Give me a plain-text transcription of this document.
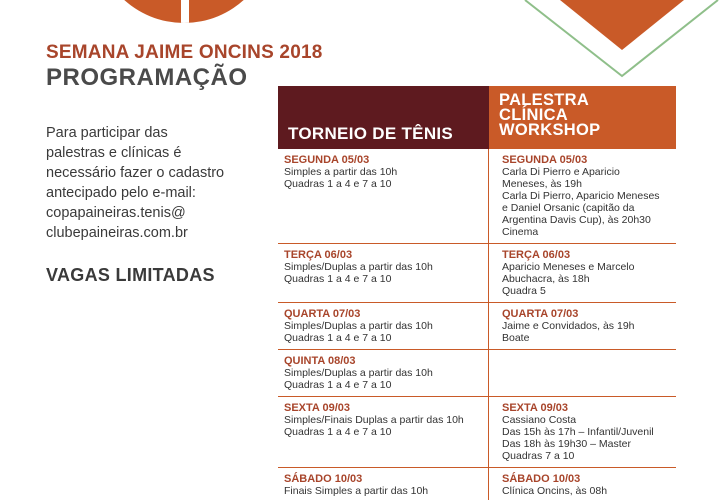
SEMANA JAIME ONCINS 2018
PROGRAMAÇÃO
Para participar das
palestras e clínicas é
necessário fazer o cadastro
antecipado pelo e-mail:
copapaineiras.tenis@
clubepaineiras.com.br
VAGAS LIMITADAS
TORNEIO DE TÊNIS
PALESTRA
CLÍNICA
WORKSHOP
SEGUNDA 05/03
Simples a partir das 10h
Quadras 1 a 4 e 7 a 10
SEGUNDA 05/03
Carla Di Pierro e Aparicio
Meneses, às 19h
Carla Di Pierro, Aparicio Meneses
e Daniel Orsanic (capitão da
Argentina Davis Cup), às 20h30
Cinema
TERÇA 06/03
Simples/Duplas a partir das 10h
Quadras 1 a 4 e 7 a 10
TERÇA 06/03
Aparicio Meneses e Marcelo
Abuchacra, às 18h
Quadra 5
QUARTA 07/03
Simples/Duplas a partir das 10h
Quadras 1 a 4 e 7 a 10
QUARTA 07/03
Jaime e Convidados, às 19h
Boate
QUINTA 08/03
Simples/Duplas a partir das 10h
Quadras 1 a 4 e 7 a 10
SEXTA 09/03
Simples/Finais Duplas a partir das 10h
Quadras 1 a 4 e 7 a 10
SEXTA 09/03
Cassiano Costa
Das 15h às 17h – Infantil/Juvenil
Das 18h às 19h30 – Master
Quadras 7 a 10
SÁBADO 10/03
Finais Simples a partir das 10h
SÁBADO 10/03
Clínica Oncins, às 08h
